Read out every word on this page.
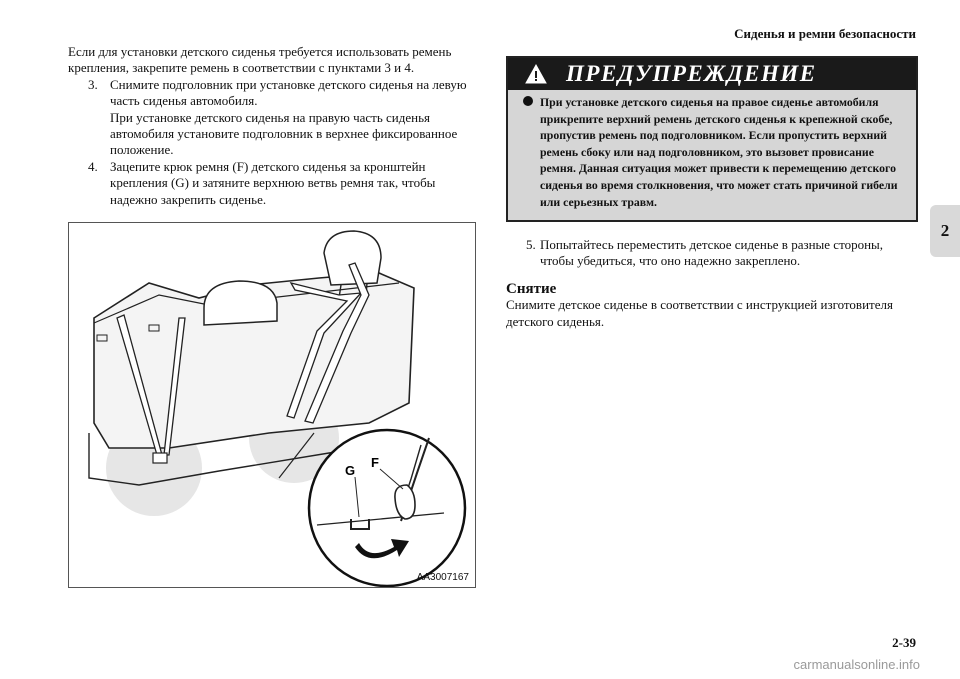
Сиденья и ремни безопасности
2

Если для установки детского сиденья требуется использовать ремень крепления, закрепите ремень в соответствии с пунктами 3 и 4.

3. Снимите подголовник при установке детского сиденья на левую часть сиденья автомобиля.
При установке детского сиденья на правую часть сиденья автомобиля установите подголовник в верхнее фиксированное положение.
4. Зацепите крюк ремня (F) детского сиденья за кронштейн крепления (G) и затяните верхнюю ветвь ремня так, чтобы надежно закрепить сиденье.
G
F
AA3007167
ПРЕДУПРЕЖДЕНИЕ
При установке детского сиденья на правое сиденье автомобиля прикрепите верхний ремень детского сиденья к крепежной скобе, пропустив ремень под подголовником. Если пропустить верхний ремень сбоку или над подголовником, это вызовет провисание ремня. Данная ситуация может привести к перемещению детского сиденья во время столкновения, что может стать причиной гибели или серьезных травм.
5. Попытайтесь переместить детское сиденье в разные стороны, чтобы убедиться, что оно надежно закреплено.
Снятие

Снимите детское сиденье в соответствии с инструкцией изготовителя детского сиденья.

2-39
carmanualsonline.info
